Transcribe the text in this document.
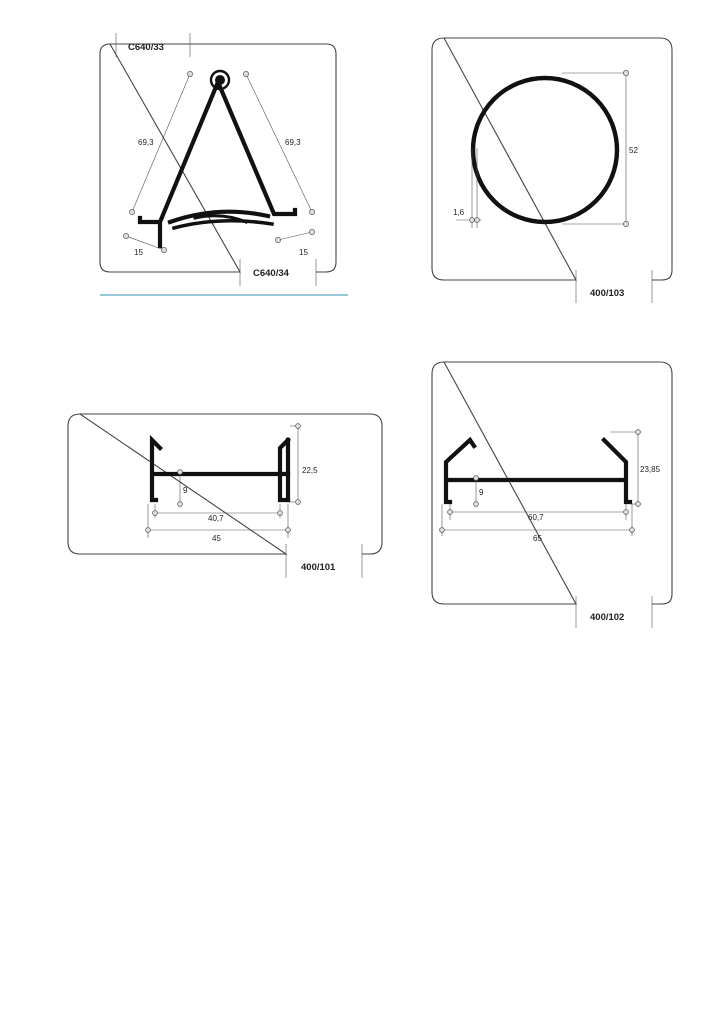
C640/33
C640/34
69,3	69,3
15	15
400/103
52
1,6
400/101
9
22,5
40,7
45
400/102
9
23,85
60,7
65
